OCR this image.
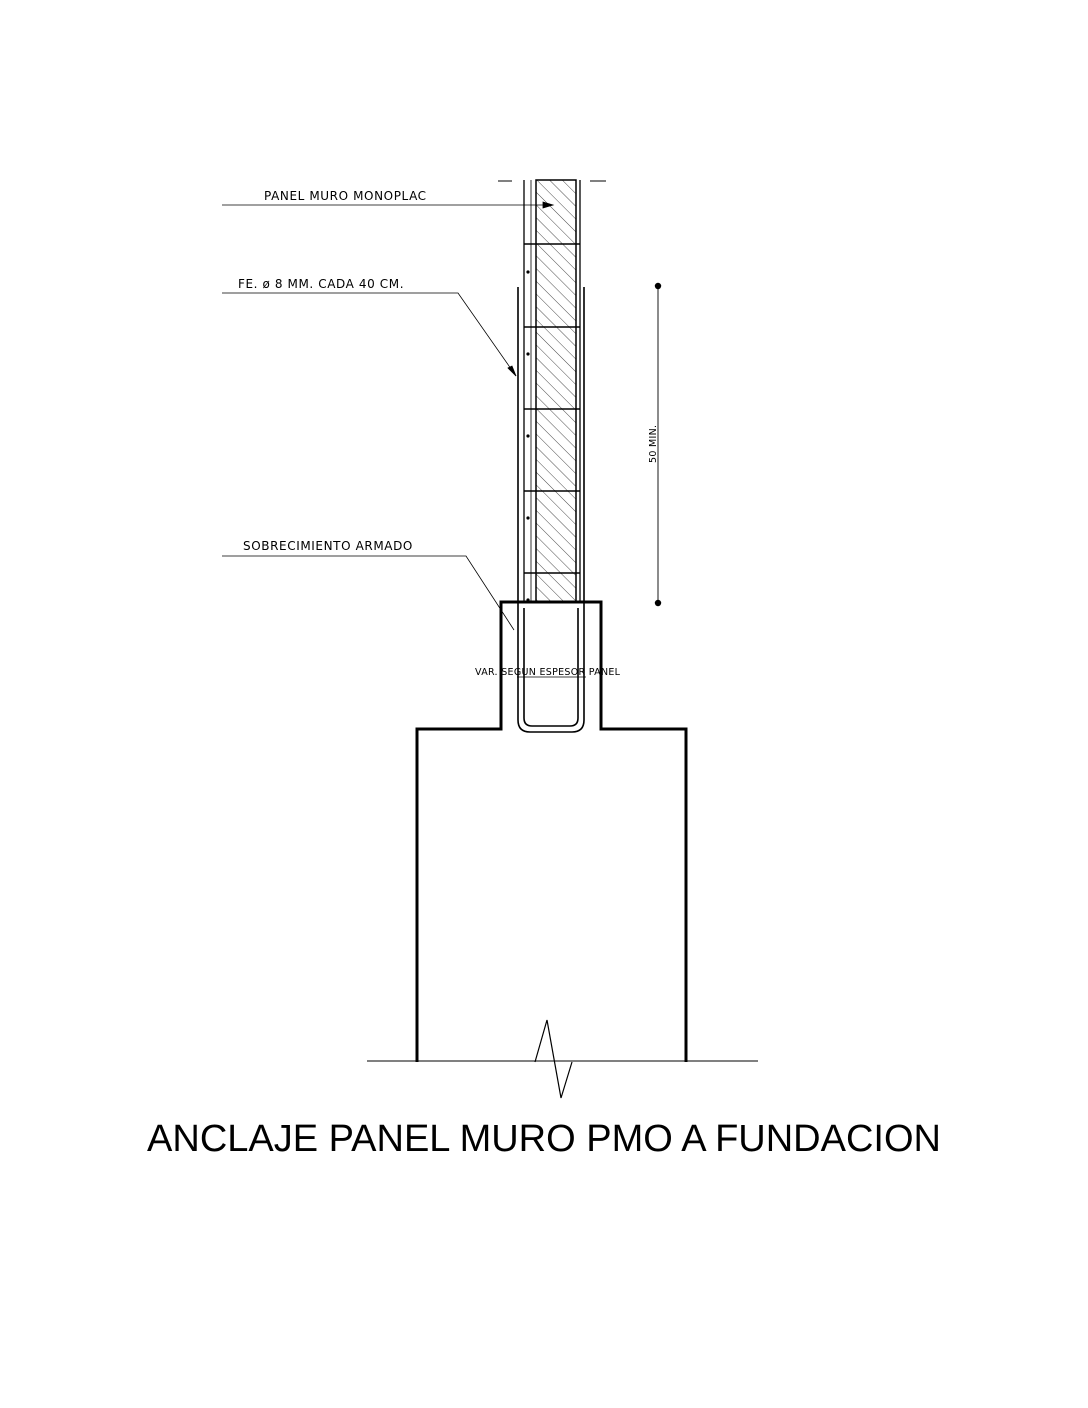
PANEL MURO MONOPLAC
FE. ø 8 MM. CADA 40 CM.
SOBRECIMIENTO ARMADO
VAR. SEGUN ESPESOR PANEL
50 MIN.
ANCLAJE PANEL MURO PMO A FUNDACION
